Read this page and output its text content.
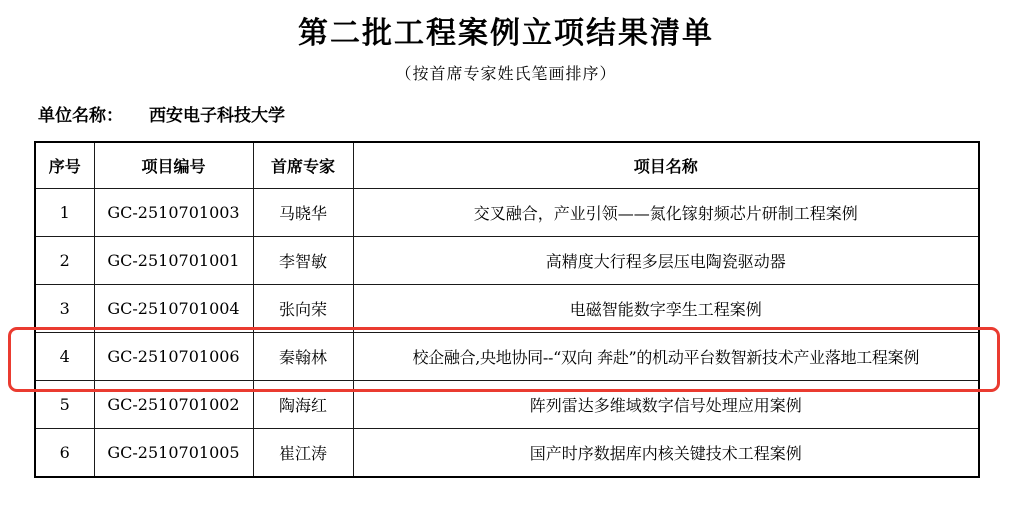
第二批工程案例立项结果清单
（按首席专家姓氏笔画排序）
单位名称： 西安电子科技大学
序号	项目编号	首席专家	项目名称
1	GC-2510701003	马晓华	交叉融合，产业引领——氮化镓射频芯片研制工程案例
2	GC-2510701001	李智敏	高精度大行程多层压电陶瓷驱动器
3	GC-2510701004	张向荣	电磁智能数字孪生工程案例
4	GC-2510701006	秦翰林	校企融合,央地协同--“双向 奔赴”的机动平台数智新技术产业落地工程案例
5	GC-2510701002	陶海红	阵列雷达多维域数字信号处理应用案例
6	GC-2510701005	崔江涛	国产时序数据库内核关键技术工程案例
